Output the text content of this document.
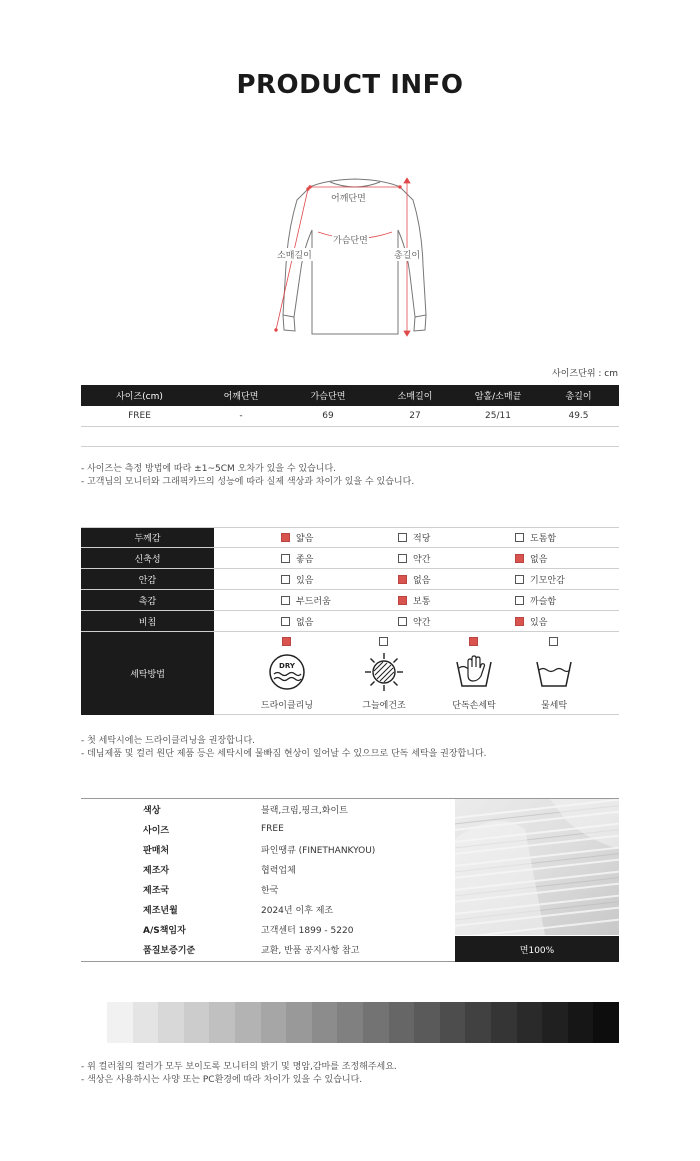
PRODUCT INFO
어깨단면
가슴단면
소매길이	총길이
사이즈단위 : cm
사이즈(cm)	어깨단면	가슴단면	소매길이	암홀/소매끝	총길이
FREE	-	69	27	25/11	49.5
- 사이즈는 측정 방법에 따라 ±1~5CM 오차가 있을 수 있습니다.
- 고객님의 모니터와 그래픽카드의 성능에 따라 실제 색상과 차이가 있을 수 있습니다.
두께감	얇음	적당	도톰함
신축성	좋음	약간	없음
안감	있음	없음	기모안감
촉감	부드러움	보통	까슬함
비침	없음	약간	있음
세탁방법
DRY
드라이클리닝	그늘에건조	단독손세탁	물세탁
- 첫 세탁시에는 드라이클리닝을 권장합니다.
- 데님제품 및 컬러 원단 제품 등은 세탁시에 물빠짐 현상이 일어날 수 있으므로 단독 세탁을 권장합니다.
색상	블랙,크림,핑크,화이트
사이즈	FREE
판매처	파인땡큐 (FINETHANKYOU)
제조자	협력업체
제조국	한국
제조년월	2024년 이후 제조
A/S책임자	고객센터 1899 - 5220
품질보증기준	교환, 반품 공지사항 참고	면100%
- 위 컬러칩의 컬러가 모두 보이도록 모니터의 밝기 및 명암,감마를 조정해주세요.
- 색상은 사용하시는 사양 또는 PC환경에 따라 차이가 있을 수 있습니다.
